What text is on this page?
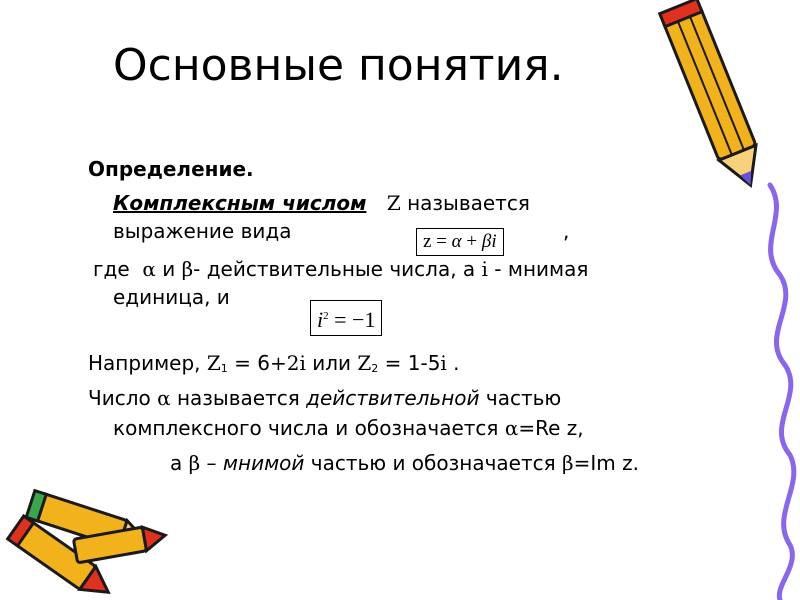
Основные понятия.
Определение.
Комплексным числом Z называется
выражение вида	,
z = α + βi
где α и β- действительные числа, а i - мнимая
единица, и
$i^2 = -1$
Например, Z1 = 6+2i или Z2 = 1-5i .
Число α называется действительной частью
комплексного числа и обозначается α=Re z,
а β – мнимой частью и обозначается β=Im z.
